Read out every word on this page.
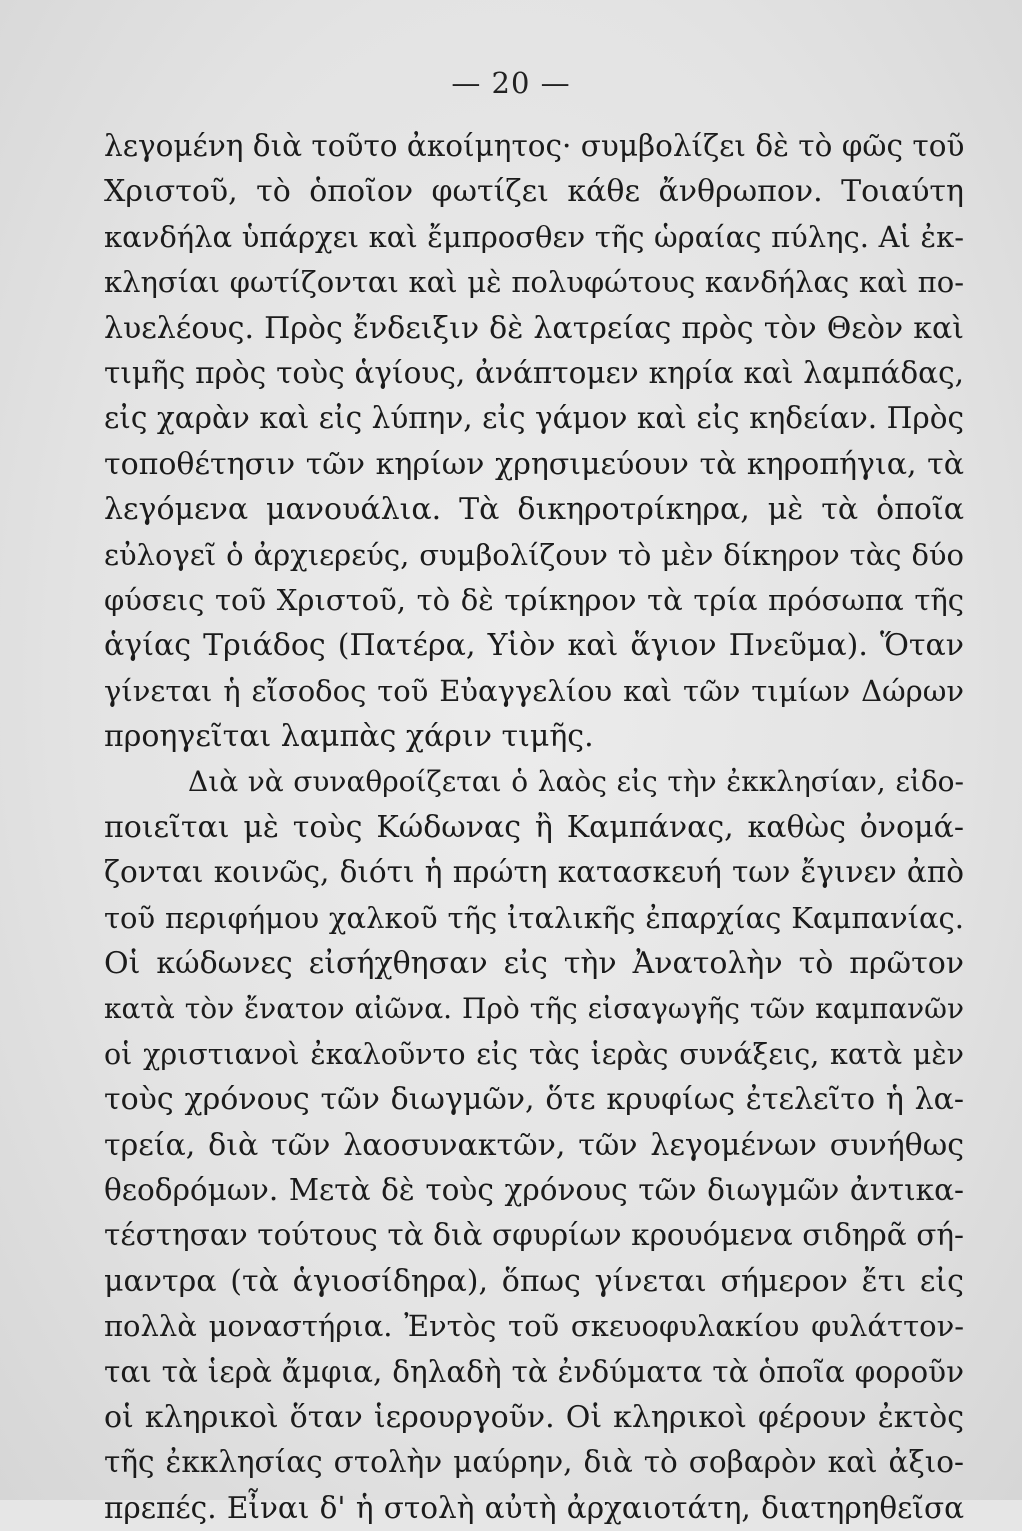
— 20 —
λεγομένη διὰ τοῦτο ἀκοίμητος· συμβολίζει δὲ τὸ φῶς τοῦ
Χριστοῦ, τὸ ὁποῖον φωτίζει κάθε ἄνθρωπον. Τοιαύτη
κανδήλα ὑπάρχει καὶ ἔμπροσθεν τῆς ὡραίας πύλης. Αἱ ἐκ-
κλησίαι φωτίζονται καὶ μὲ πολυφώτους κανδήλας καὶ πο-
λυελέους. Πρὸς ἔνδειξιν δὲ λατρείας πρὸς τὸν Θεὸν καὶ
τιμῆς πρὸς τοὺς ἁγίους, ἀνάπτομεν κηρία καὶ λαμπάδας,
εἰς χαρὰν καὶ εἰς λύπην, εἰς γάμον καὶ εἰς κηδείαν. Πρὸς
τοποθέτησιν τῶν κηρίων χρησιμεύουν τὰ κηροπήγια, τὰ
λεγόμενα μανουάλια. Τὰ δικηροτρίκηρα, μὲ τὰ ὁποῖα
εὐλογεῖ ὁ ἀρχιερεύς, συμβολίζουν τὸ μὲν δίκηρον τὰς δύο
φύσεις τοῦ Χριστοῦ, τὸ δὲ τρίκηρον τὰ τρία πρόσωπα τῆς
ἁγίας Τριάδος (Πατέρα, Υἱὸν καὶ ἅγιον Πνεῦμα). Ὅταν
γίνεται ἡ εἴσοδος τοῦ Εὐαγγελίου καὶ τῶν τιμίων Δώρων
προηγεῖται λαμπὰς χάριν τιμῆς.
Διὰ νὰ συναθροίζεται ὁ λαὸς εἰς τὴν ἐκκλησίαν, εἰδο-
ποιεῖται μὲ τοὺς Κώδωνας ἢ Καμπάνας, καθὼς ὀνομά-
ζονται κοινῶς, διότι ἡ πρώτη κατασκευή των ἔγινεν ἀπὸ
τοῦ περιφήμου χαλκοῦ τῆς ἰταλικῆς ἐπαρχίας Καμπανίας.
Οἱ κώδωνες εἰσήχθησαν εἰς τὴν Ἀνατολὴν τὸ πρῶτον
κατὰ τὸν ἔνατον αἰῶνα. Πρὸ τῆς εἰσαγωγῆς τῶν καμπανῶν
οἱ χριστιανοὶ ἐκαλοῦντο εἰς τὰς ἱερὰς συνάξεις, κατὰ μὲν
τοὺς χρόνους τῶν διωγμῶν, ὅτε κρυφίως ἐτελεῖτο ἡ λα-
τρεία, διὰ τῶν λαοσυνακτῶν, τῶν λεγομένων συνήθως
θεοδρόμων. Μετὰ δὲ τοὺς χρόνους τῶν διωγμῶν ἀντικα-
τέστησαν τούτους τὰ διὰ σφυρίων κρουόμενα σιδηρᾶ σή-
μαντρα (τὰ ἁγιοσίδηρα), ὅπως γίνεται σήμερον ἔτι εἰς
πολλὰ μοναστήρια. Ἐντὸς τοῦ σκευοφυλακίου φυλάττον-
ται τὰ ἱερὰ ἄμφια, δηλαδὴ τὰ ἐνδύματα τὰ ὁποῖα φοροῦν
οἱ κληρικοὶ ὅταν ἱερουργοῦν. Οἱ κληρικοὶ φέρουν ἐκτὸς
τῆς ἐκκλησίας στολὴν μαύρην, διὰ τὸ σοβαρὸν καὶ ἀξιο-
πρεπές. Εἶναι δ' ἡ στολὴ αὐτὴ ἀρχαιοτάτη, διατηρηθεῖσα
